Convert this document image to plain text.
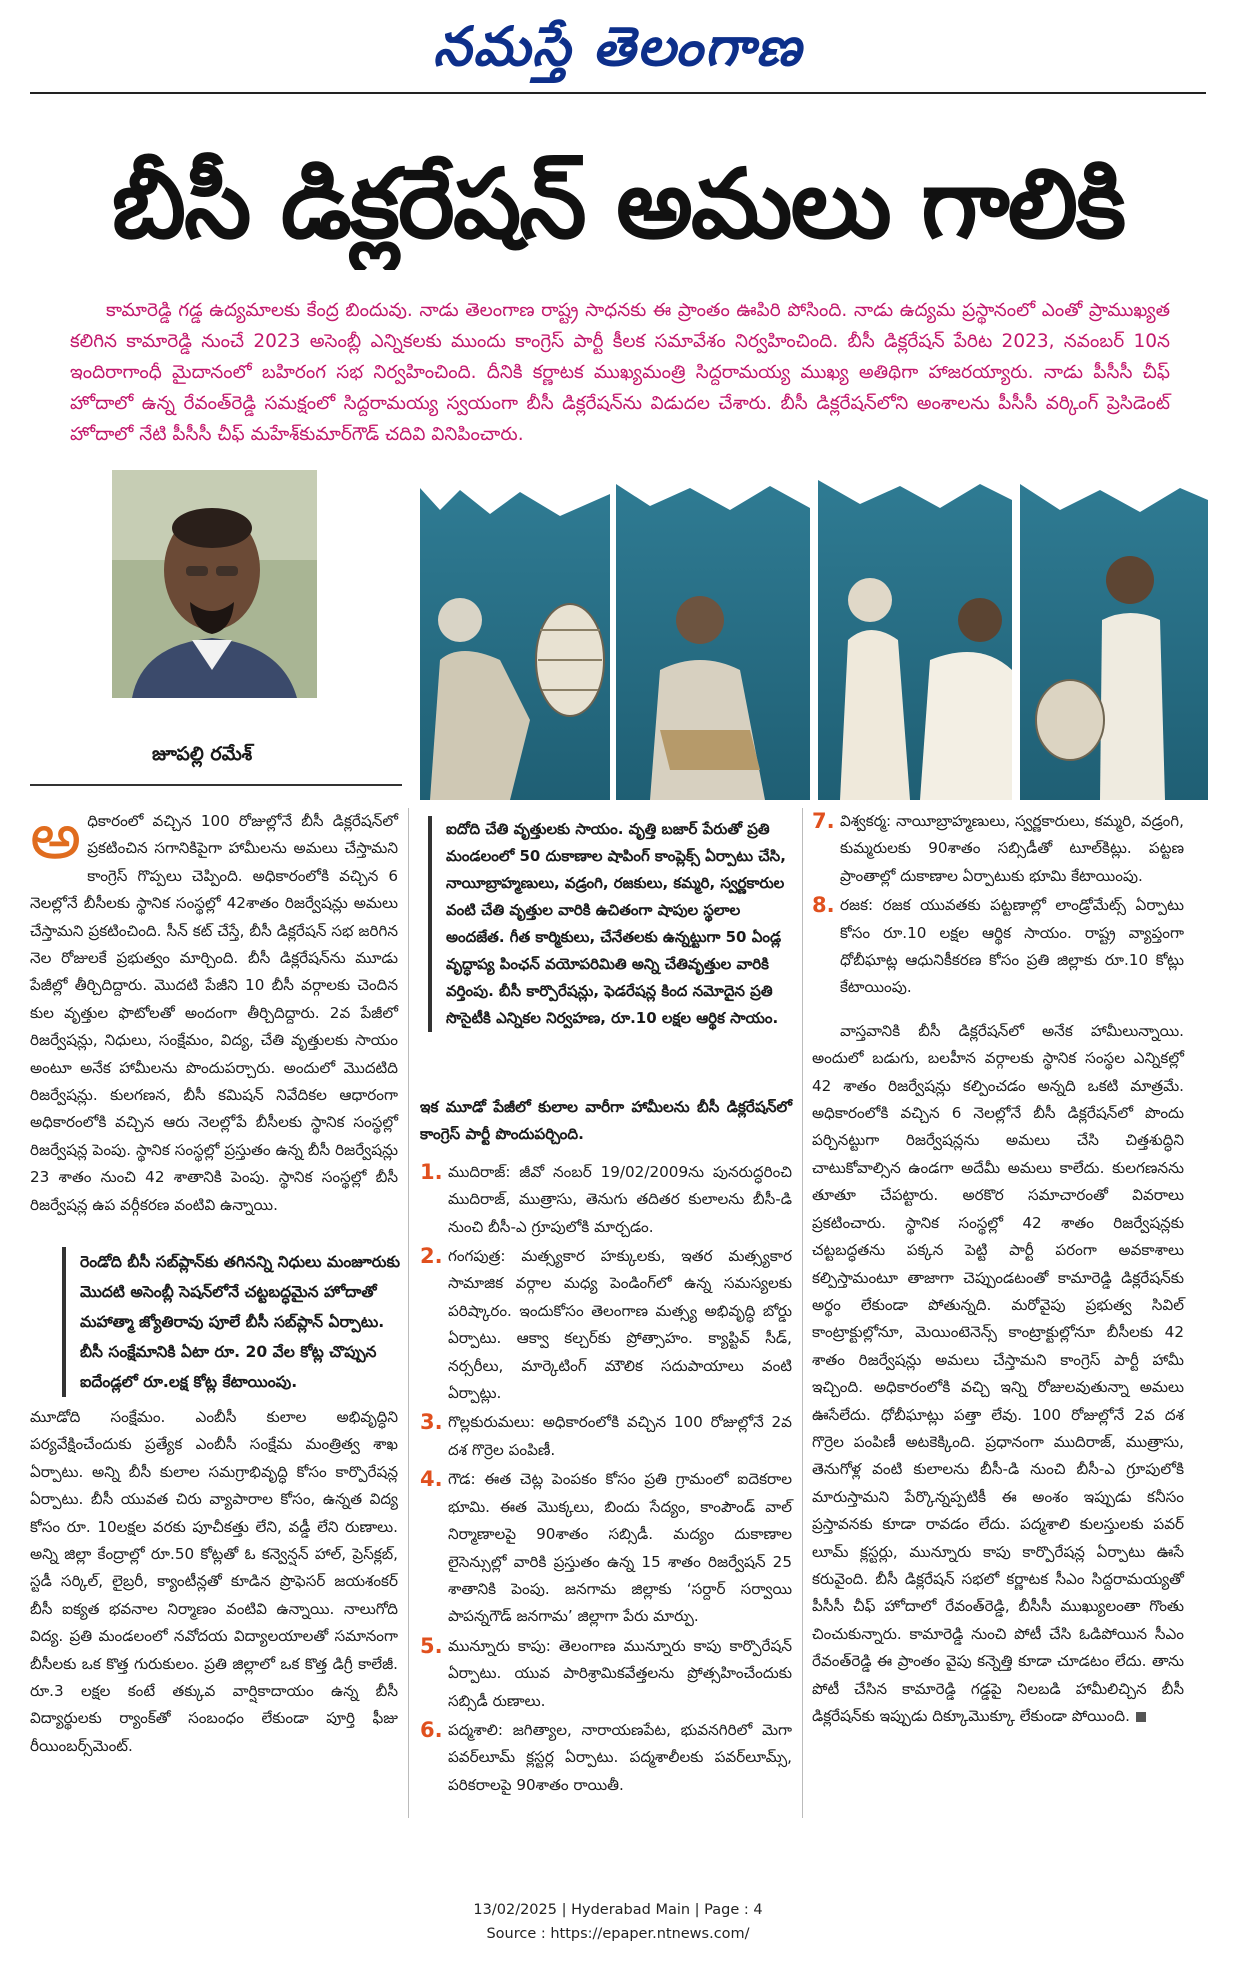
నమస్తే తెలంగాణ
బీసీ డిక్లరేషన్‌ అమలు గాలికి
కామారెడ్డి గడ్డ ఉద్యమాలకు కేంద్ర బిందువు. నాడు తెలంగాణ రాష్ట్ర సాధనకు ఈ ప్రాంతం ఊపిరి పోసింది. నాడు ఉద్యమ ప్రస్థానంలో ఎంతో ప్రాముఖ్యత కలిగిన కామారెడ్డి నుంచే 2023 అసెంబ్లీ ఎన్నికలకు ముందు కాంగ్రెస్‌ పార్టీ కీలక సమావేశం నిర్వహించింది. బీసీ డిక్లరేషన్‌ పేరిట 2023, నవంబర్‌ 10న ఇందిరాగాంధీ మైదానంలో బహిరంగ సభ నిర్వహించింది. దీనికి కర్ణాటక ముఖ్యమంత్రి సిద్దరామయ్య ముఖ్య అతిథిగా హాజరయ్యారు. నాడు పీసీసీ చీఫ్‌ హోదాలో ఉన్న రేవంత్‌రెడ్డి సమక్షంలో సిద్దరామయ్య స్వయంగా బీసీ డిక్లరేషన్‌ను విడుదల చేశారు. బీసీ డిక్లరేషన్‌లోని అంశాలను పీసీసీ వర్కింగ్‌ ప్రెసిడెంట్‌ హోదాలో నేటి పీసీసీ చీఫ్‌ మహేశ్‌కుమార్‌గౌడ్‌ చదివి వినిపించారు.
జూపల్లి రమేశ్‌

అధికారంలో వచ్చిన 100 రోజుల్లోనే బీసీ డిక్లరేషన్‌లో ప్రకటించిన సగానికిపైగా హామీలను అమలు చేస్తామని కాంగ్రెస్‌ గొప్పలు చెప్పింది. అధికారంలోకి వచ్చిన 6 నెలల్లోనే బీసీలకు స్థానిక సంస్థల్లో 42శాతం రిజర్వేషన్లు అమలు చేస్తామని ప్రకటించింది. సీన్‌ కట్‌ చేస్తే, బీసీ డిక్లరేషన్‌ సభ జరిగిన నెల రోజులకే ప్రభుత్వం మార్చింది. బీసీ డిక్లరేషన్‌ను మూడు పేజీల్లో తీర్చిదిద్దారు. మొదటి పేజీని 10 బీసీ వర్గాలకు చెందిన కుల వృత్తుల ఫొటోలతో అందంగా తీర్చిదిద్దారు. 2వ పేజీలో రిజర్వేషన్లు, నిధులు, సంక్షేమం, విద్య, చేతి వృత్తులకు సాయం అంటూ అనేక హామీలను పొందుపర్చారు. అందులో మొదటిది రిజర్వేషన్లు. కులగణన, బీసీ కమిషన్‌ నివేదికల ఆధారంగా అధికారంలోకి వచ్చిన ఆరు నెలల్లోపే బీసీలకు స్థానిక సంస్థల్లో రిజర్వేషన్ల పెంపు. స్థానిక సంస్థల్లో ప్రస్తుతం ఉన్న బీసీ రిజర్వేషన్లు 23 శాతం నుంచి 42 శాతానికి పెంపు. స్థానిక సంస్థల్లో బీసీ రిజర్వేషన్ల ఉప వర్గీకరణ వంటివి ఉన్నాయి.

రెండోది బీసీ సబ్‌ప్లాన్‌కు తగినన్ని నిధులు మంజూరుకు మొదటి అసెంబ్లీ సెషన్‌లోనే చట్టబద్ధమైన హోదాతో మహాత్మా జ్యోతిరావు పూలే బీసీ సబ్‌ప్లాన్‌ ఏర్పాటు. బీసీ సంక్షేమానికి ఏటా రూ. 20 వేల కోట్ల చొప్పున ఐదేండ్లలో రూ.లక్ష కోట్ల కేటాయింపు.

మూడోది సంక్షేమం. ఎంబీసీ కులాల అభివృద్ధిని పర్యవేక్షించేందుకు ప్రత్యేక ఎంబీసీ సంక్షేమ మంత్రిత్వ శాఖ ఏర్పాటు. అన్ని బీసీ కులాల సమగ్రాభివృద్ధి కోసం కార్పొరేషన్ల ఏర్పాటు. బీసీ యువత చిరు వ్యాపారాల కోసం, ఉన్నత విద్య కోసం రూ. 10లక్షల వరకు పూచీకత్తు లేని, వడ్డీ లేని రుణాలు. అన్ని జిల్లా కేంద్రాల్లో రూ.50 కోట్లతో ఓ కన్వెన్షన్‌ హాల్‌, ప్రెస్‌క్లబ్‌, స్టడీ సర్కిల్‌, లైబ్రరీ, క్యాంటీన్లతో కూడిన ప్రొఫెసర్‌ జయశంకర్‌ బీసీ ఐక్యత భవనాల నిర్మాణం వంటివి ఉన్నాయి. నాలుగోది విద్య. ప్రతి మండలంలో నవోదయ విద్యాలయాలతో సమానంగా బీసీలకు ఒక కొత్త గురుకులం. ప్రతి జిల్లాలో ఒక కొత్త డిగ్రీ కాలేజీ. రూ.3 లక్షల కంటే తక్కువ వార్షికాదాయం ఉన్న బీసీ విద్యార్థులకు ర్యాంక్‌తో సంబంధం లేకుండా పూర్తి ఫీజు రీయింబర్స్‌మెంట్‌.

ఐదోది చేతి వృత్తులకు సాయం. వృత్తి బజార్‌ పేరుతో ప్రతి మండలంలో 50 దుకాణాల షాపింగ్‌ కాంప్లెక్స్‌ ఏర్పాటు చేసి, నాయీబ్రాహ్మణులు, వడ్రంగి, రజకులు, కమ్మరి, స్వర్ణకారుల వంటి చేతి వృత్తుల వారికి ఉచితంగా షాపుల స్థలాల అందజేత. గీత కార్మికులు, చేనేతలకు ఉన్నట్టుగా 50 ఏండ్ల వృద్ధాప్య పింఛన్‌ వయోపరిమితి అన్ని చేతివృత్తుల వారికి వర్తింపు. బీసీ కార్పొరేషన్లు, ఫెడరేషన్ల కింద నమోదైన ప్రతి సొసైటీకి ఎన్నికల నిర్వహణ, రూ.10 లక్షల ఆర్థిక సాయం.

ఇక మూడో పేజీలో కులాల వారీగా హామీలను బీసీ డిక్లరేషన్‌లో కాంగ్రెస్‌ పార్టీ పొందుపర్చింది.

1. ముదిరాజ్‌: జీవో నంబర్‌ 19/02/2009ను పునరుద్ధరించి ముదిరాజ్‌, ముత్రాసు, తెనుగు తదితర కులాలను బీసీ-డి నుంచి బీసీ-ఎ గ్రూపులోకి మార్చడం.
2. గంగపుత్ర: మత్స్యకార హక్కులకు, ఇతర మత్స్యకార సామాజిక వర్గాల మధ్య పెండింగ్‌లో ఉన్న సమస్యలకు పరిష్కారం. ఇందుకోసం తెలంగాణ మత్స్య అభివృద్ధి బోర్డు ఏర్పాటు. ఆక్వా కల్చర్‌కు ప్రోత్సాహం. క్యాప్టివ్‌ సీడ్‌, నర్సరీలు, మార్కెటింగ్‌ మౌలిక సదుపాయాలు వంటి ఏర్పాట్లు.
3. గొల్లకురుమలు: అధికారంలోకి వచ్చిన 100 రోజుల్లోనే 2వ దశ గొర్రెల పంపిణీ.
4. గౌడ: ఈత చెట్ల పెంపకం కోసం ప్రతి గ్రామంలో ఐదెకరాల భూమి. ఈత మొక్కలు, బిందు సేద్యం, కాంపౌండ్‌ వాల్‌ నిర్మాణాలపై 90శాతం సబ్సిడీ. మద్యం దుకాణాల లైసెన్సుల్లో వారికి ప్రస్తుతం ఉన్న 15 శాతం రిజర్వేషన్‌ 25 శాతానికి పెంపు. జనగామ జిల్లాకు ‘సర్దార్‌ సర్వాయి పాపన్నగౌడ్‌ జనగామ’ జిల్లాగా పేరు మార్పు.
5. మున్నూరు కాపు: తెలంగాణ మున్నూరు కాపు కార్పొరేషన్‌ ఏర్పాటు. యువ పారిశ్రామికవేత్తలను ప్రోత్సహించేందుకు సబ్సిడీ రుణాలు.
6. పద్మశాలి: జగిత్యాల, నారాయణపేట, భువనగిరిలో మెగా పవర్‌లూమ్‌ క్లస్టర్ల ఏర్పాటు. పద్మశాలీలకు పవర్‌లూమ్స్‌, పరికరాలపై 90శాతం రాయితీ.
7. విశ్వకర్మ: నాయీబ్రాహ్మణులు, స్వర్ణకారులు, కమ్మరి, వడ్రంగి, కుమ్మరులకు 90శాతం సబ్సిడీతో టూల్‌కిట్లు. పట్టణ ప్రాంతాల్లో దుకాణాల ఏర్పాటుకు భూమి కేటాయింపు.
8. రజక: రజక యువతకు పట్టణాల్లో లాండ్రోమేట్స్‌ ఏర్పాటు కోసం రూ.10 లక్షల ఆర్థిక సాయం. రాష్ట్ర వ్యాప్తంగా ధోబీఘాట్ల ఆధునికీకరణ కోసం ప్రతి జిల్లాకు రూ.10 కోట్లు కేటాయింపు.

వాస్తవానికి బీసీ డిక్లరేషన్‌లో అనేక హామీలున్నాయి. అందులో బడుగు, బలహీన వర్గాలకు స్థానిక సంస్థల ఎన్నికల్లో 42 శాతం రిజర్వేషన్లు కల్పించడం అన్నది ఒకటి మాత్రమే. అధికారంలోకి వచ్చిన 6 నెలల్లోనే బీసీ డిక్లరేషన్‌లో పొందు పర్చినట్టుగా రిజర్వేషన్లను అమలు చేసి చిత్తశుద్ధిని చాటుకోవాల్సిన ఉండగా అదేమీ అమలు కాలేదు. కులగణనను తూతూ చేపట్టారు. అరకొర సమాచారంతో వివరాలు ప్రకటించారు. స్థానిక సంస్థల్లో 42 శాతం రిజర్వేషన్లకు చట్టబద్ధతను పక్కన పెట్టి పార్టీ పరంగా అవకాశాలు కల్పిస్తామంటూ తాజాగా చెప్పుండటంతో కామారెడ్డి డిక్లరేషన్‌కు అర్థం లేకుండా పోతున్నది. మరోవైపు ప్రభుత్వ సివిల్‌ కాంట్రాక్టుల్లోనూ, మెయింటెనెన్స్‌ కాంట్రాక్టుల్లోనూ బీసీలకు 42 శాతం రిజర్వేషన్లు అమలు చేస్తామని కాంగ్రెస్‌ పార్టీ హామీ ఇచ్చింది. అధికారంలోకి వచ్చి ఇన్ని రోజులవుతున్నా అమలు ఊసేలేదు. ధోబీఘాట్లు పత్తా లేవు. 100 రోజుల్లోనే 2వ దశ గొర్రెల పంపిణీ అటకెక్కింది. ప్రధానంగా ముదిరాజ్‌, ముత్రాసు, తెనుగోళ్ల వంటి కులాలను బీసీ-డి నుంచి బీసీ-ఎ గ్రూపులోకి మారుస్తామని పేర్కొన్నప్పటికీ ఈ అంశం ఇప్పుడు కనీసం ప్రస్తావనకు కూడా రావడం లేదు. పద్మశాలి కులస్తులకు పవర్‌ లూమ్‌ క్లస్టర్లు, మున్నూరు కాపు కార్పొరేషన్ల ఏర్పాటు ఊసే కరువైంది. బీసీ డిక్లరేషన్‌ సభలో కర్ణాటక సీఎం సిద్దరామయ్యతో పీసీసీ చీఫ్‌ హోదాలో రేవంత్‌రెడ్డి, బీసీసీ ముఖ్యులంతా గొంతు చించుకున్నారు. కామారెడ్డి నుంచి పోటీ చేసి ఓడిపోయిన సీఎం రేవంత్‌రెడ్డి ఈ ప్రాంతం వైపు కన్నెత్తి కూడా చూడటం లేదు. తాను పోటీ చేసిన కామారెడ్డి గడ్డపై నిలబడి హామీలిచ్చిన బీసీ డిక్లరేషన్‌కు ఇప్పుడు దిక్కూమొక్కూ లేకుండా పోయింది.

13/02/2025 | Hyderabad Main | Page : 4
Source : https://epaper.ntnews.com/
